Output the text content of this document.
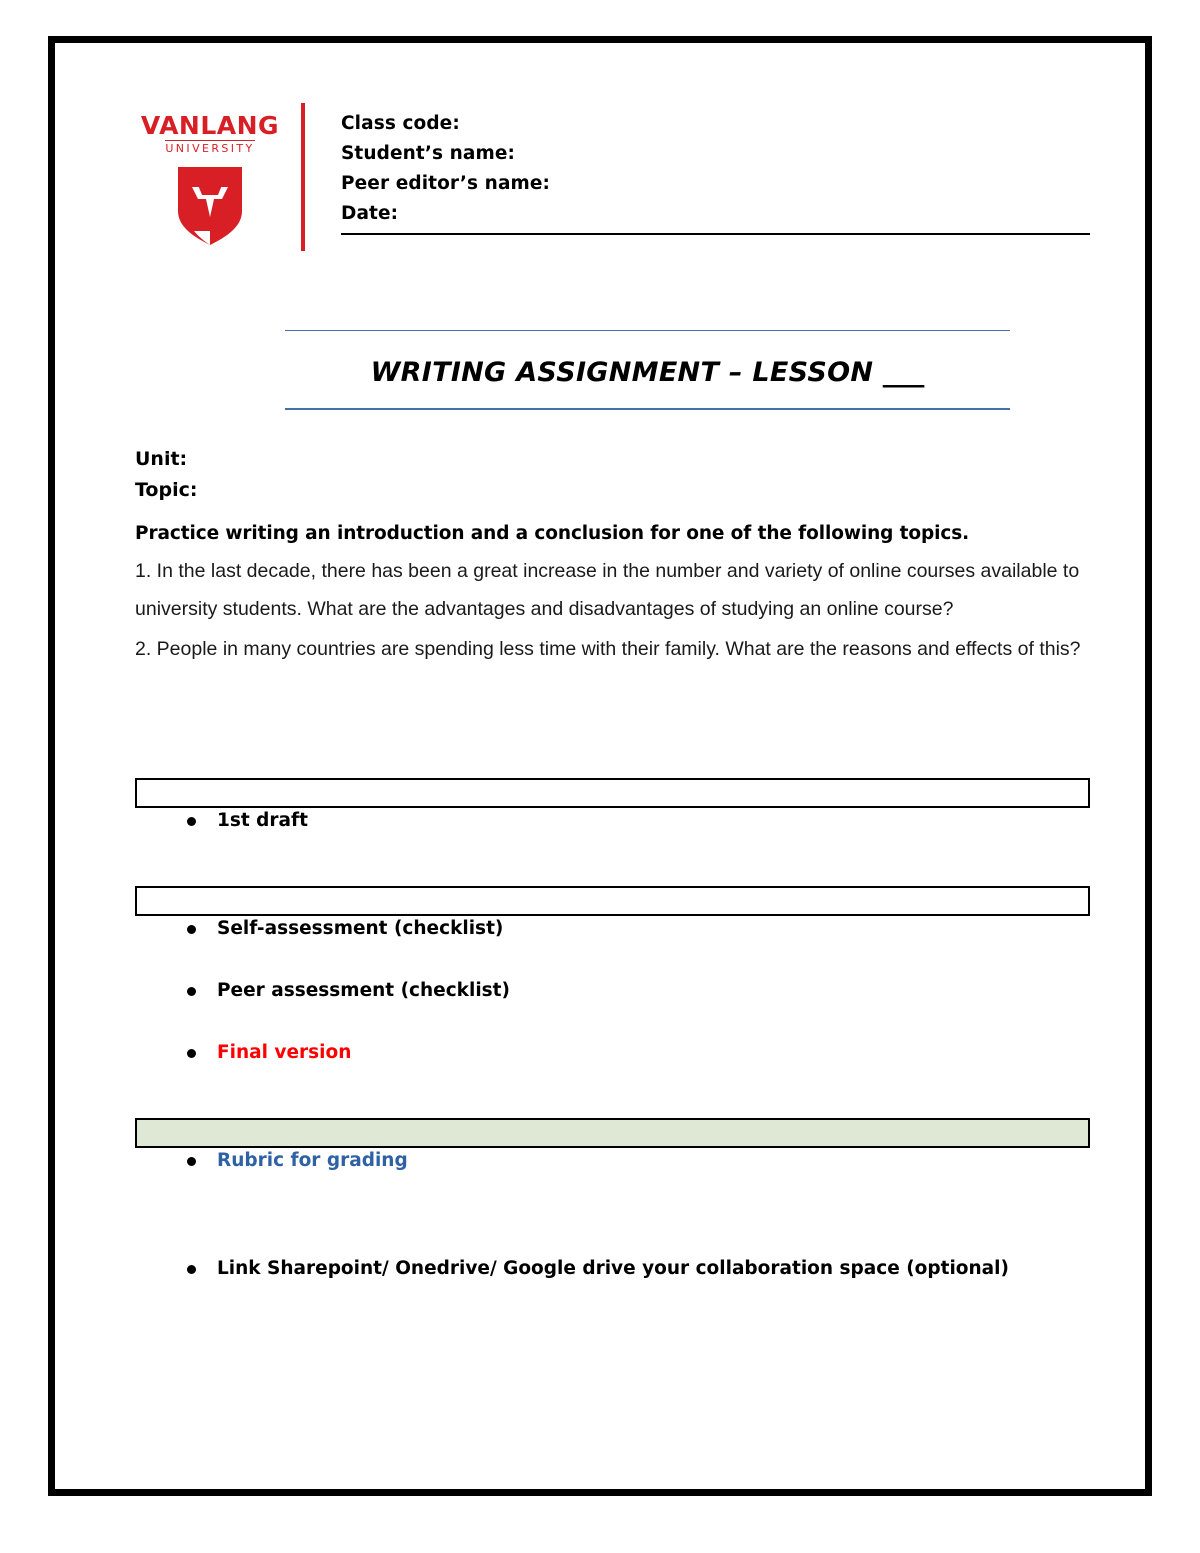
VANLANG
UNIVERSITY
Class code:
Student’s name:
Peer editor’s name:
Date:
WRITING ASSIGNMENT – LESSON ___
Unit:
Topic:
Practice writing an introduction and a conclusion for one of the following topics.
1. In the last decade, there has been a great increase in the number and variety of online courses available to university students. What are the advantages and disadvantages of studying an online course?
2. People in many countries are spending less time with their family. What are the reasons and effects of this?
1st draft
Self-assessment (checklist)
Peer assessment (checklist)
Final version
Rubric for grading
Link Sharepoint/ Onedrive/ Google drive your collaboration space (optional)
